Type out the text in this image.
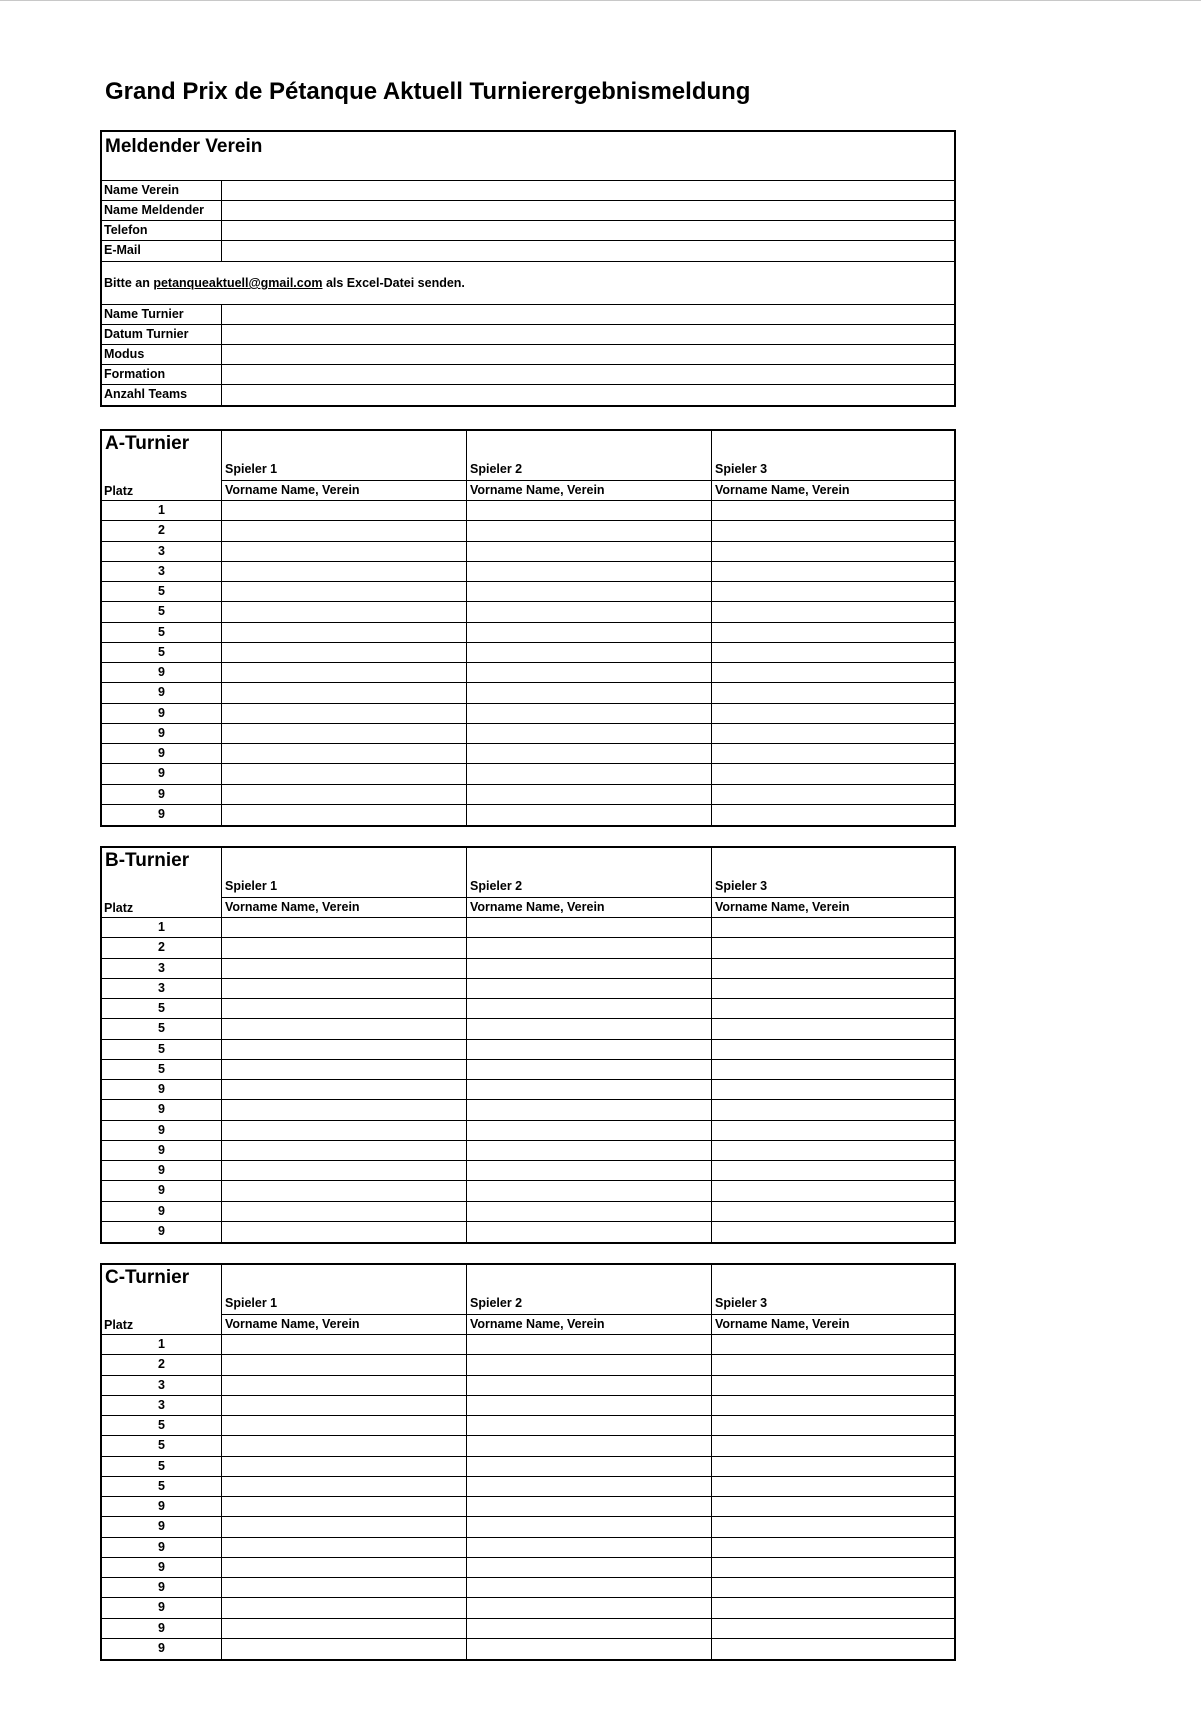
Grand Prix de Pétanque Aktuell Turnierergebnismeldung
Meldender Verein
Name Verein
Name Meldender
Telefon
E-Mail
Bitte an petanqueaktuell@gmail.com als Excel-Datei senden.
Name Turnier
Datum Turnier
Modus
Formation
Anzahl Teams
A-Turnier
Platz
Spieler 1
Vorname Name, Verein
Spieler 2
Vorname Name, Verein
Spieler 3
Vorname Name, Verein
1
2
3
3
5
5
5
5
9
9
9
9
9
9
9
9
B-Turnier
Platz
Spieler 1
Vorname Name, Verein
Spieler 2
Vorname Name, Verein
Spieler 3
Vorname Name, Verein
1
2
3
3
5
5
5
5
9
9
9
9
9
9
9
9
C-Turnier
Platz
Spieler 1
Vorname Name, Verein
Spieler 2
Vorname Name, Verein
Spieler 3
Vorname Name, Verein
1
2
3
3
5
5
5
5
9
9
9
9
9
9
9
9
